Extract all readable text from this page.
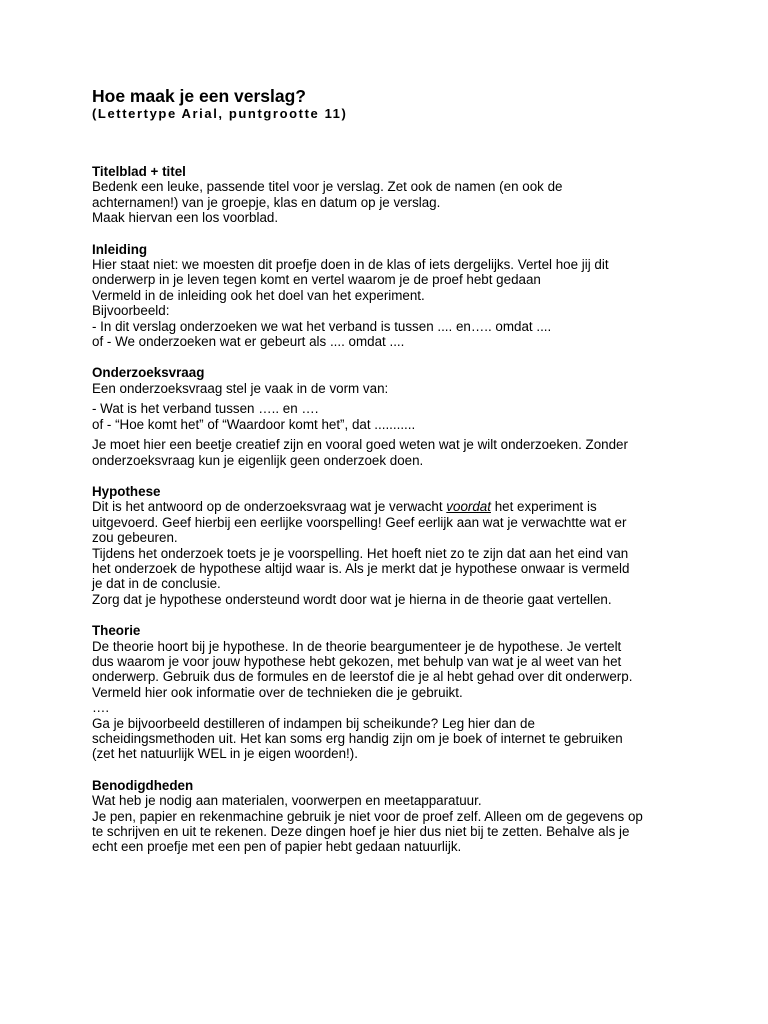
Hoe maak je een verslag?

(Lettertype Arial, puntgrootte 11)

Titelblad + titel

Bedenk een leuke, passende titel voor je verslag. Zet ook de namen (en ook de

achternamen!) van je groepje, klas en datum op je verslag.

Maak hiervan een los voorblad.

Inleiding

Hier staat niet: we moesten dit proefje doen in de klas of iets dergelijks. Vertel hoe jij dit

onderwerp in je leven tegen komt en vertel waarom je de proef hebt gedaan

Vermeld in de inleiding ook het doel van het experiment.

Bijvoorbeeld:

- In dit verslag onderzoeken we wat het verband is tussen .... en….. omdat ....

of - We onderzoeken wat er gebeurt als .... omdat ....

Onderzoeksvraag

Een onderzoeksvraag stel je vaak in de vorm van:

- Wat is het verband tussen ….. en ….

of - “Hoe komt het” of “Waardoor komt het”, dat ...........

Je moet hier een beetje creatief zijn en vooral goed weten wat je wilt onderzoeken. Zonder

onderzoeksvraag kun je eigenlijk geen onderzoek doen.

Hypothese

Dit is het antwoord op de onderzoeksvraag wat je verwacht voordat het experiment is

uitgevoerd. Geef hierbij een eerlijke voorspelling! Geef eerlijk aan wat je verwachtte wat er

zou gebeuren.

Tijdens het onderzoek toets je je voorspelling. Het hoeft niet zo te zijn dat aan het eind van

het onderzoek de hypothese altijd waar is. Als je merkt dat je hypothese onwaar is vermeld

je dat in de conclusie.

Zorg dat je hypothese ondersteund wordt door wat je hierna in de theorie gaat vertellen.

Theorie

De theorie hoort bij je hypothese. In de theorie beargumenteer je de hypothese. Je vertelt

dus waarom je voor jouw hypothese hebt gekozen, met behulp van wat je al weet van het

onderwerp. Gebruik dus de formules en de leerstof die je al hebt gehad over dit onderwerp.

Vermeld hier ook informatie over de technieken die je gebruikt.

….

Ga je bijvoorbeeld destilleren of indampen bij scheikunde? Leg hier dan de

scheidingsmethoden uit. Het kan soms erg handig zijn om je boek of internet te gebruiken

(zet het natuurlijk WEL in je eigen woorden!).

Benodigdheden

Wat heb je nodig aan materialen, voorwerpen en meetapparatuur.

Je pen, papier en rekenmachine gebruik je niet voor de proef zelf. Alleen om de gegevens op

te schrijven en uit te rekenen. Deze dingen hoef je hier dus niet bij te zetten. Behalve als je

echt een proefje met een pen of papier hebt gedaan natuurlijk.
